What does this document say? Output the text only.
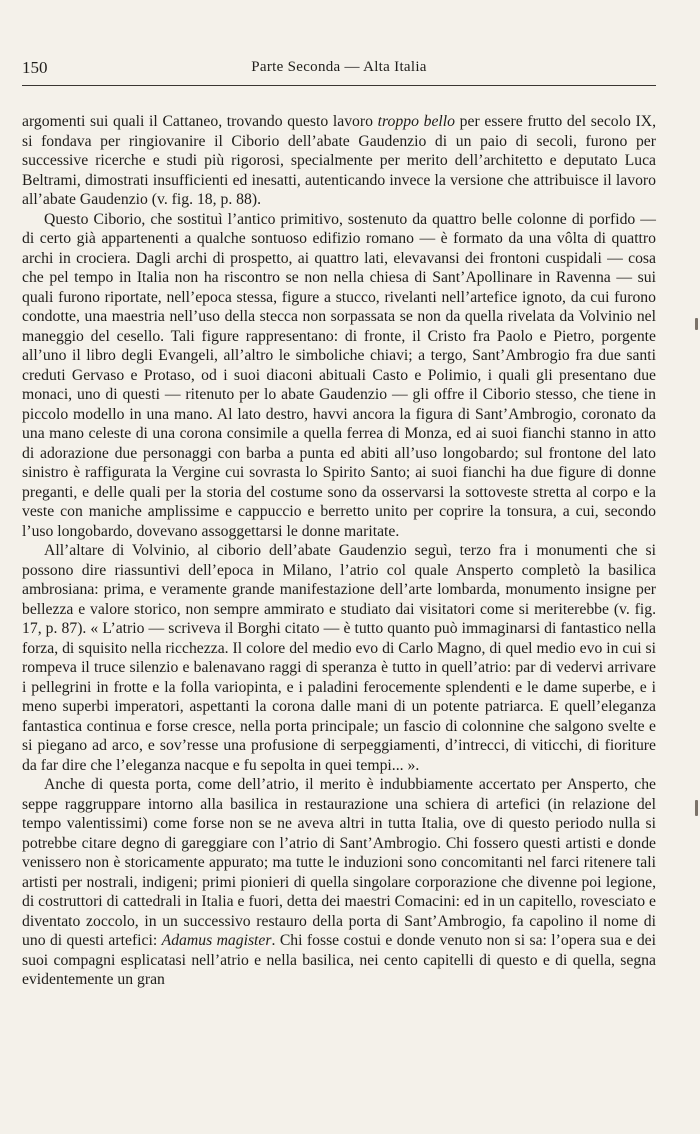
150	Parte Seconda — Alta Italia

argomenti sui quali il Cattaneo, trovando questo lavoro troppo bello per essere frutto del secolo IX, si fondava per ringiovanire il Ciborio dell’abate Gaudenzio di un paio di secoli, furono per successive ricerche e studi più rigorosi, specialmente per merito dell’architetto e deputato Luca Beltrami, dimostrati insufficienti ed inesatti, autenticando invece la versione che attribuisce il lavoro all’abate Gaudenzio (v. fig. 18, p. 88).

Questo Ciborio, che sostituì l’antico primitivo, sostenuto da quattro belle colonne di porfido — di certo già appartenenti a qualche sontuoso edifizio romano — è formato da una vôlta di quattro archi in crociera. Dagli archi di prospetto, ai quattro lati, elevavansi dei frontoni cuspidali — cosa che pel tempo in Italia non ha riscontro se non nella chiesa di Sant’Apollinare in Ravenna — sui quali furono riportate, nell’epoca stessa, figure a stucco, rivelanti nell’artefice ignoto, da cui furono condotte, una maestria nell’uso della stecca non sorpassata se non da quella rivelata da Volvinio nel maneggio del cesello. Tali figure rappresentano: di fronte, il Cristo fra Paolo e Pietro, porgente all’uno il libro degli Evangeli, all’altro le simboliche chiavi; a tergo, Sant’Ambrogio fra due santi creduti Gervaso e Protaso, od i suoi diaconi abituali Casto e Polimio, i quali gli presentano due monaci, uno di questi — ritenuto per lo abate Gaudenzio — gli offre il Ciborio stesso, che tiene in piccolo modello in una mano. Al lato destro, havvi ancora la figura di Sant’Ambrogio, coronato da una mano celeste di una corona consimile a quella ferrea di Monza, ed ai suoi fianchi stanno in atto di adorazione due personaggi con barba a punta ed abiti all’uso longobardo; sul frontone del lato sinistro è raffigurata la Vergine cui sovrasta lo Spirito Santo; ai suoi fianchi ha due figure di donne preganti, e delle quali per la storia del costume sono da osservarsi la sottoveste stretta al corpo e la veste con maniche amplissime e cappuccio e berretto unito per coprire la tonsura, a cui, secondo l’uso longobardo, dovevano assoggettarsi le donne maritate.

All’altare di Volvinio, al ciborio dell’abate Gaudenzio seguì, terzo fra i monumenti che si possono dire riassuntivi dell’epoca in Milano, l’atrio col quale Ansperto completò la basilica ambrosiana: prima, e veramente grande manifestazione dell’arte lombarda, monumento insigne per bellezza e valore storico, non sempre ammirato e studiato dai visitatori come si meriterebbe (v. fig. 17, p. 87). « L’atrio — scriveva il Borghi citato — è tutto quanto può immaginarsi di fantastico nella forza, di squisito nella ricchezza. Il colore del medio evo di Carlo Magno, di quel medio evo in cui si rompeva il truce silenzio e balenavano raggi di speranza è tutto in quell’atrio: par di vedervi arrivare i pellegrini in frotte e la folla variopinta, e i paladini ferocemente splendenti e le dame superbe, e i meno superbi imperatori, aspettanti la corona dalle mani di un potente patriarca. E quell’eleganza fantastica continua e forse cresce, nella porta principale; un fascio di colonnine che salgono svelte e si piegano ad arco, e sov’resse una profusione di serpeggiamenti, d’intrecci, di viticchi, di fioriture da far dire che l’eleganza nacque e fu sepolta in quei tempi... ».

Anche di questa porta, come dell’atrio, il merito è indubbiamente accertato per Ansperto, che seppe raggruppare intorno alla basilica in restaurazione una schiera di artefici (in relazione del tempo valentissimi) come forse non se ne aveva altri in tutta Italia, ove di questo periodo nulla si potrebbe citare degno di gareggiare con l’atrio di Sant’Ambrogio. Chi fossero questi artisti e donde venissero non è storicamente appurato; ma tutte le induzioni sono concomitanti nel farci ritenere tali artisti per nostrali, indigeni; primi pionieri di quella singolare corporazione che divenne poi legione, di costruttori di cattedrali in Italia e fuori, detta dei maestri Comacini: ed in un capitello, rovesciato e diventato zoccolo, in un successivo restauro della porta di Sant’Ambrogio, fa capolino il nome di uno di questi artefici: Adamus magister. Chi fosse costui e donde venuto non si sa: l’opera sua e dei suoi compagni esplicatasi nell’atrio e nella basilica, nei cento capitelli di questo e di quella, segna evidentemente un gran
